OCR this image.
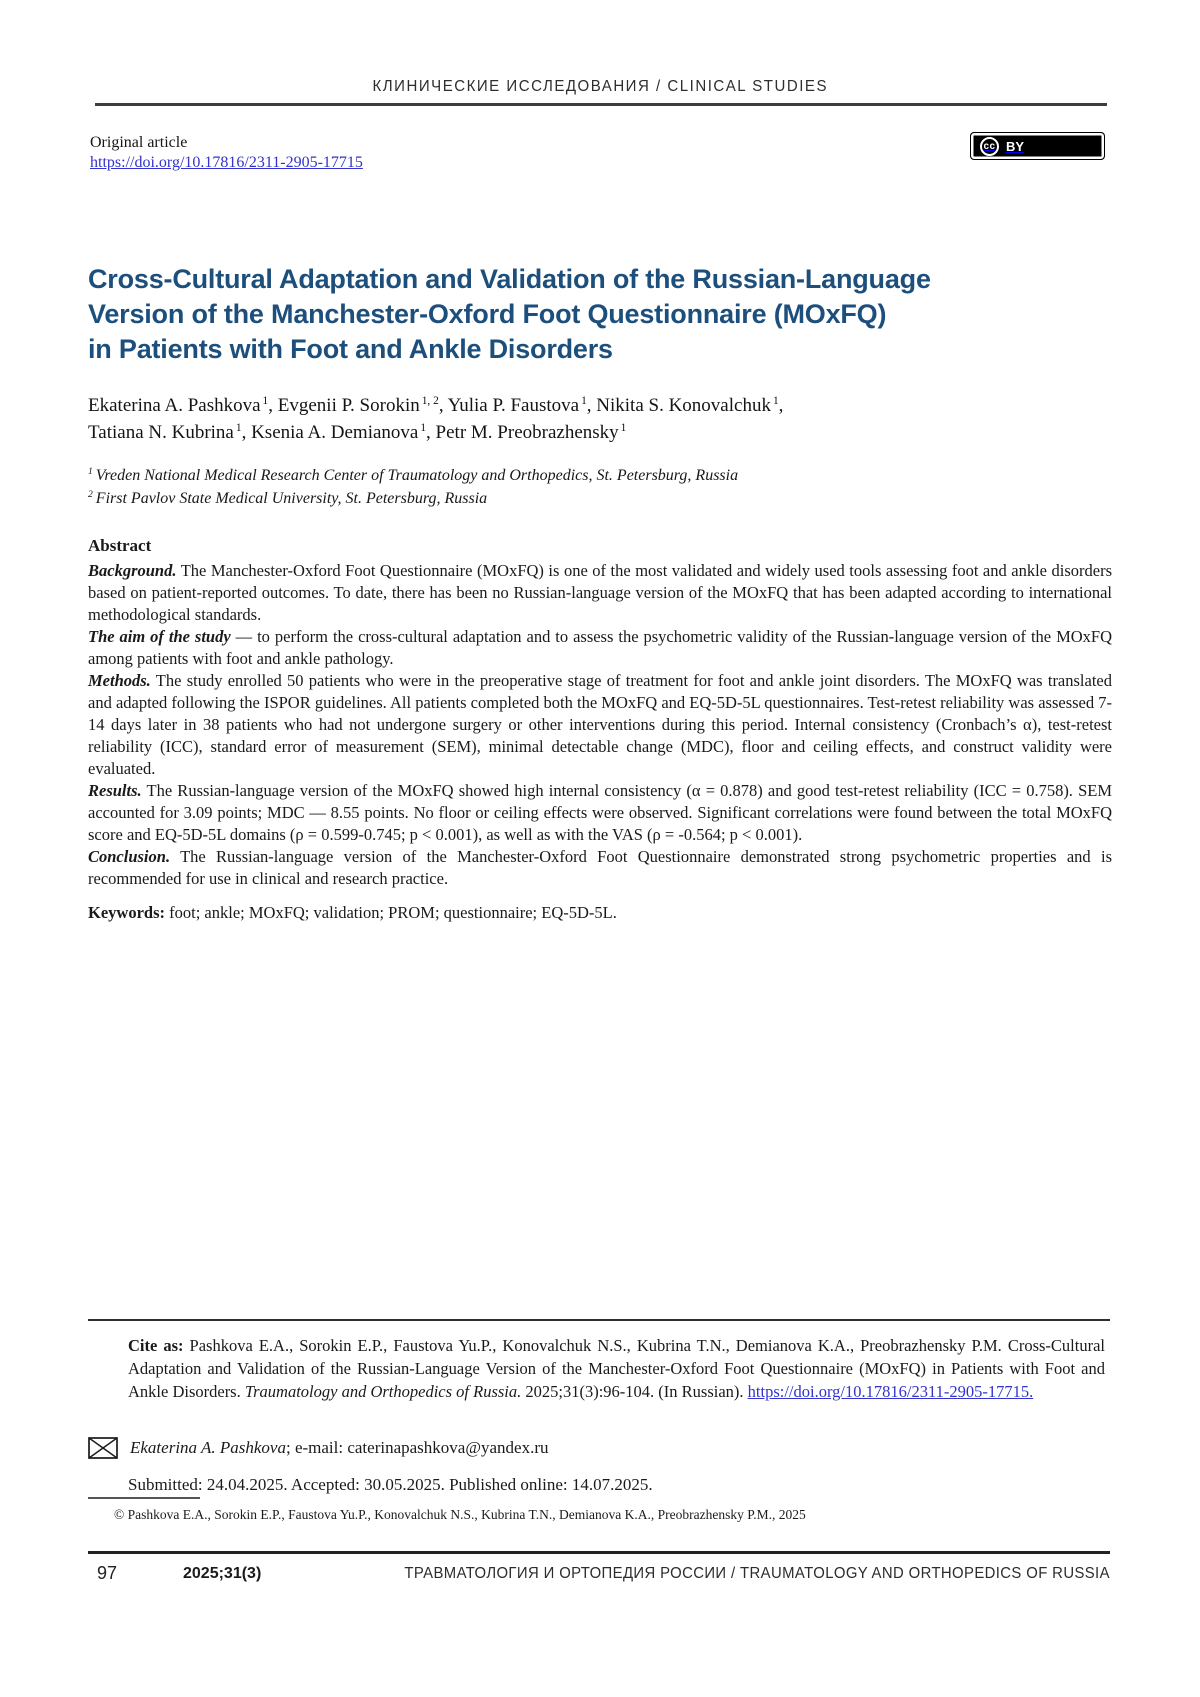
КЛИНИЧЕСКИЕ ИССЛЕДОВАНИЯ / CLINICAL STUDIES
Original article
https://doi.org/10.17816/2311-2905-17715
cc BY
Cross-Cultural Adaptation and Validation of the Russian-Language
Version of the Manchester-Oxford Foot Questionnaire (MOxFQ)
in Patients with Foot and Ankle Disorders
Ekaterina A. Pashkova $^1$, Evgenii P. Sorokin $^{1, 2}$, Yulia P. Faustova $^1$, Nikita S. Konovalchuk $^1$,
Tatiana N. Kubrina $^1$, Ksenia A. Demianova $^1$, Petr M. Preobrazhensky $^1$
$^1$ Vreden National Medical Research Center of Traumatology and Orthopedics, St. Petersburg, Russia
$^2$ First Pavlov State Medical University, St. Petersburg, Russia
Abstract

Background. The Manchester-Oxford Foot Questionnaire (MOxFQ) is one of the most validated and widely used tools assessing foot and ankle disorders based on patient-reported outcomes. To date, there has been no Russian-language version of the MOxFQ that has been adapted according to international methodological standards.

The aim of the study — to perform the cross-cultural adaptation and to assess the psychometric validity of the Russian-language version of the MOxFQ among patients with foot and ankle pathology.

Methods. The study enrolled 50 patients who were in the preoperative stage of treatment for foot and ankle joint disorders. The MOxFQ was translated and adapted following the ISPOR guidelines. All patients completed both the MOxFQ and EQ-5D-5L questionnaires. Test-retest reliability was assessed 7-14 days later in 38 patients who had not undergone surgery or other interventions during this period. Internal consistency (Cronbach’s α), test-retest reliability (ICC), standard error of measurement (SEM), minimal detectable change (MDC), floor and ceiling effects, and construct validity were evaluated.

Results. The Russian-language version of the MOxFQ showed high internal consistency (α = 0.878) and good test-retest reliability (ICC = 0.758). SEM accounted for 3.09 points; MDC — 8.55 points. No floor or ceiling effects were observed. Significant correlations were found between the total MOxFQ score and EQ-5D-5L domains (ρ = 0.599-0.745; p < 0.001), as well as with the VAS (ρ = -0.564; p < 0.001).

Conclusion. The Russian-language version of the Manchester-Oxford Foot Questionnaire demonstrated strong psychometric properties and is recommended for use in clinical and research practice.

Keywords: foot; ankle; MOxFQ; validation; PROM; questionnaire; EQ-5D-5L.
Cite as: Pashkova E.A., Sorokin E.P., Faustova Yu.P., Konovalchuk N.S., Kubrina T.N., Demianova K.A., Preobrazhensky P.M. Cross-Cultural Adaptation and Validation of the Russian-Language Version of the Manchester-Oxford Foot Questionnaire (MOxFQ) in Patients with Foot and Ankle Disorders. Traumatology and Orthopedics of Russia. 2025;31(3):96-104. (In Russian). https://doi.org/10.17816/2311-2905-17715.
Ekaterina A. Pashkova; e-mail: caterinapashkova@yandex.ru
Submitted: 24.04.2025. Accepted: 30.05.2025. Published online: 14.07.2025.
© Pashkova E.A., Sorokin E.P., Faustova Yu.P., Konovalchuk N.S., Kubrina T.N., Demianova K.A., Preobrazhensky P.M., 2025
97	2025;31(3)	ТРАВМАТОЛОГИЯ И ОРТОПЕДИЯ РОССИИ / TRAUMATOLOGY AND ORTHOPEDICS OF RUSSIA
